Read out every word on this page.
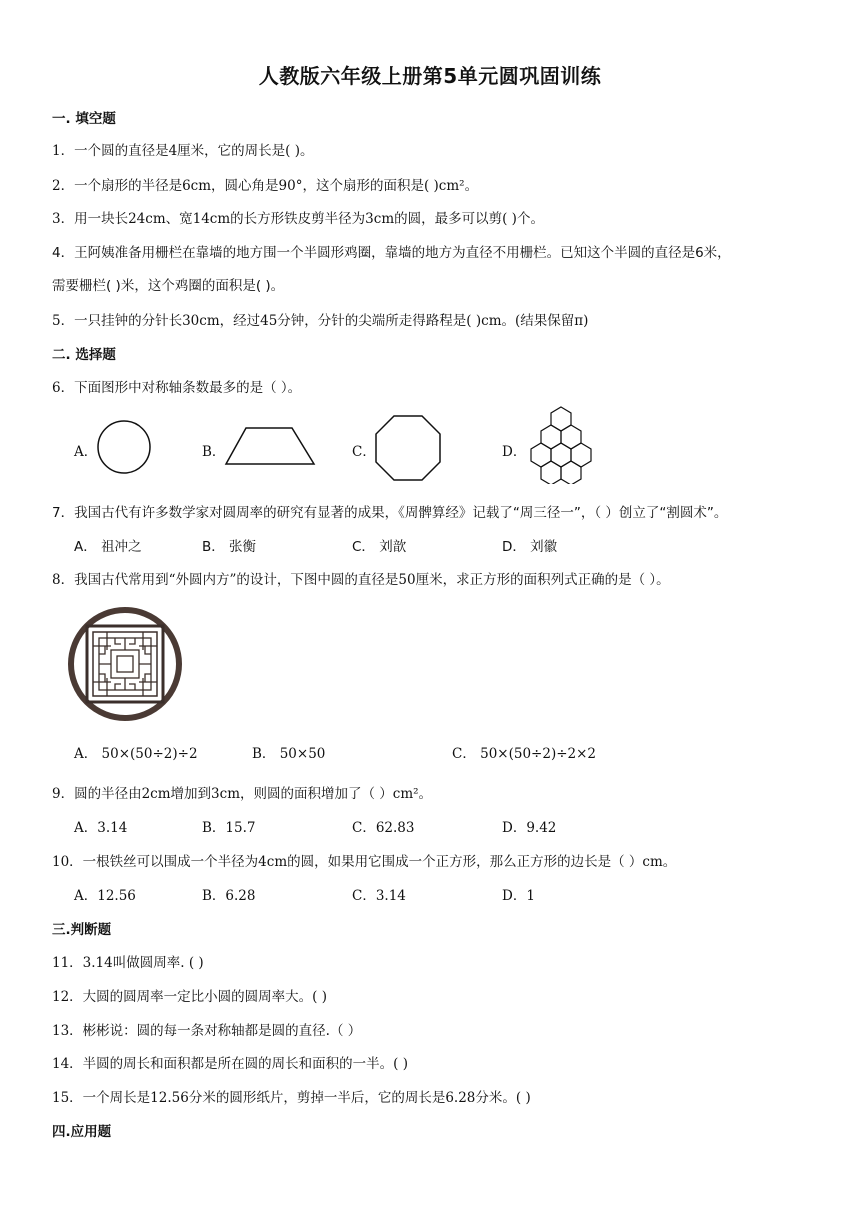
人教版六年级上册第5单元圆巩固训练
一. 填空题
1．一个圆的直径是4厘米，它的周长是( )。
2．一个扇形的半径是6cm，圆心角是90°，这个扇形的面积是( )cm²。
3．用一块长24cm、宽14cm的长方形铁皮剪半径为3cm的圆，最多可以剪( )个。
4．王阿姨准备用栅栏在靠墙的地方围一个半圆形鸡圈，靠墙的地方为直径不用栅栏。已知这个半圆的直径是6米，
需要栅栏( )米，这个鸡圈的面积是( )。
5．一只挂钟的分针长30cm，经过45分钟，分针的尖端所走得路程是( )cm。(结果保留π)
二. 选择题
6．下面图形中对称轴条数最多的是（ ）。
A．	B．	C．	D．
7．我国古代有许多数学家对圆周率的研究有显著的成果，《周髀算经》记载了“周三径一”，（ ）创立了“割圆术”。
A． 祖冲之	B． 张衡	C． 刘歆	D． 刘徽
8．我国古代常用到“外圆内方”的设计，下图中圆的直径是50厘米，求正方形的面积列式正确的是（ ）。
A． 50×(50÷2)÷2	B． 50×50	C． 50×(50÷2)÷2×2
9．圆的半径由2cm增加到3cm，则圆的面积增加了（ ）cm²。
A．3.14	B．15.7	C．62.83	D．9.42
10．一根铁丝可以围成一个半径为4cm的圆，如果用它围成一个正方形，那么正方形的边长是（ ）cm。
A．12.56	B．6.28	C．3.14	D．1
三.判断题
11．3.14叫做圆周率. ( )
12．大圆的圆周率一定比小圆的圆周率大。( )
13．彬彬说：圆的每一条对称轴都是圆的直径.（ ）
14．半圆的周长和面积都是所在圆的周长和面积的一半。( )
15．一个周长是12.56分米的圆形纸片，剪掉一半后，它的周长是6.28分米。( )
四.应用题
